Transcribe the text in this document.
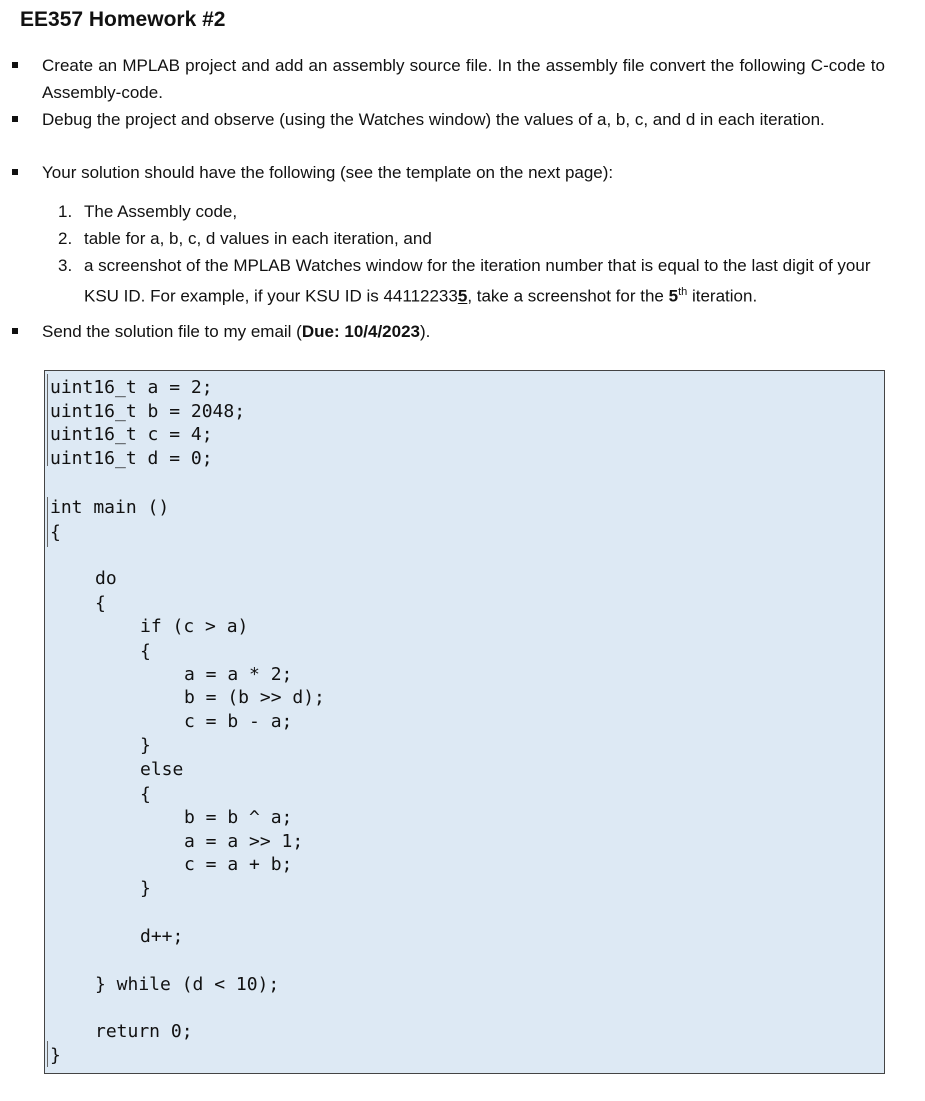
EE357 Homework #2
Create an MPLAB project and add an assembly source file. In the assembly file convert the following C-code to Assembly-code.
Debug the project and observe (using the Watches window) the values of a, b, c, and d in each iteration.
Your solution should have the following (see the template on the next page):
1. The Assembly code,
2. table for a, b, c, d values in each iteration, and
3. a screenshot of the MPLAB Watches window for the iteration number that is equal to the last digit of your KSU ID. For example, if your KSU ID is 441122335, take a screenshot for the 5th iteration.
Send the solution file to my email (Due: 10/4/2023).
uint16_t a = 2;
uint16_t b = 2048;
uint16_t c = 4;
uint16_t d = 0;
int main ()
{
do
{
if (c > a)
{
a = a * 2;
b = (b >> d);
c = b - a;
}
else
{
b = b ^ a;
a = a >> 1;
c = a + b;
}
d++;
} while (d < 10);
return 0;
}
